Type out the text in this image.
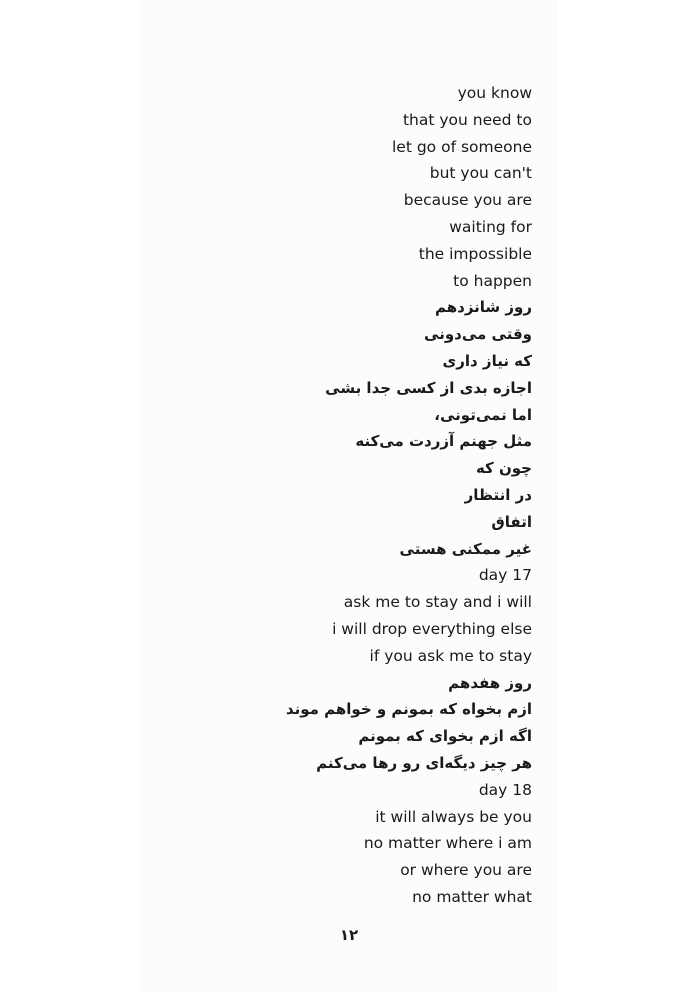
you know
that you need to
let go of someone
but you can't
because you are
waiting for
the impossible
to happen
روز شانزدهم
وقتی می‌دونی
که نیاز داری
اجازه بدی از کسی جدا بشی
اما نمی‌تونی،
مثل جهنم آزردت می‌کنه
چون که
در انتظار
اتفاق
غیر ممکنی هستی
day 17
ask me to stay and i will
i will drop everything else
if you ask me to stay
روز هفدهم
ازم بخواه که بمونم و خواهم موند
اگه ازم بخوای که بمونم
هر چیز دیگه‌ای رو رها می‌کنم
day 18
it will always be you
no matter where i am
or where you are
no matter what
۱۲
